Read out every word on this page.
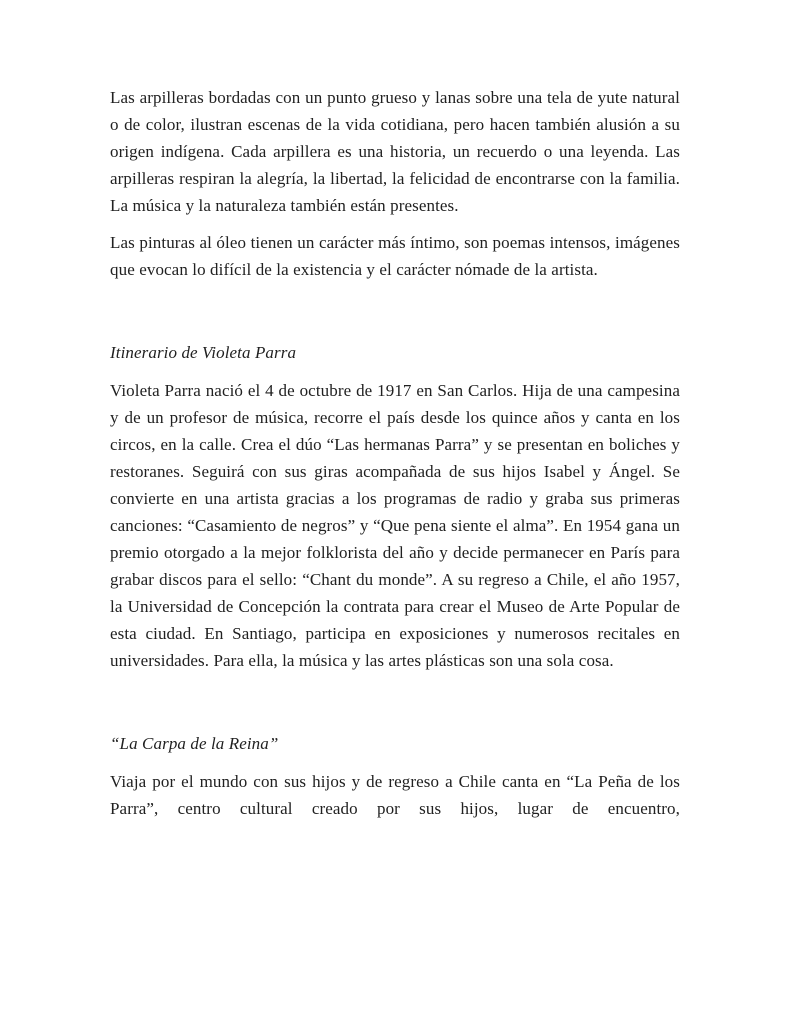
Las arpilleras bordadas con un punto grueso y lanas sobre una tela de yute natural o de color, ilustran escenas de la vida cotidiana, pero hacen también alusión a su origen indígena. Cada arpillera es una historia, un recuerdo o una leyenda. Las arpilleras respiran la alegría, la libertad, la felicidad de encontrarse con la familia. La música y la naturaleza también están presentes.

Las pinturas al óleo tienen un carácter más íntimo, son poemas intensos, imágenes que evocan lo difícil de la existencia y el carácter nómade de la artista.

Itinerario de Violeta Parra

Violeta Parra nació el 4 de octubre de 1917 en San Carlos. Hija de una campesina y de un profesor de música, recorre el país desde los quince años y canta en los circos, en la calle. Crea el dúo “Las hermanas Parra” y se presentan en boliches y restoranes. Seguirá con sus giras acompañada de sus hijos Isabel y Ángel. Se convierte en una artista gracias a los programas de radio y graba sus primeras canciones: “Casamiento de negros” y “Que pena siente el alma”. En 1954 gana un premio otorgado a la mejor folklorista del año y decide permanecer en París para grabar discos para el sello: “Chant du monde”. A su regreso a Chile, el año 1957, la Universidad de Concepción la contrata para crear el Museo de Arte Popular de esta ciudad. En Santiago, participa en exposiciones y numerosos recitales en universidades. Para ella, la música y las artes plásticas son una sola cosa.

“La Carpa de la Reina”

Viaja por el mundo con sus hijos y de regreso a Chile canta en “La Peña de los Parra”, centro cultural creado por sus hijos, lugar de encuentro,
